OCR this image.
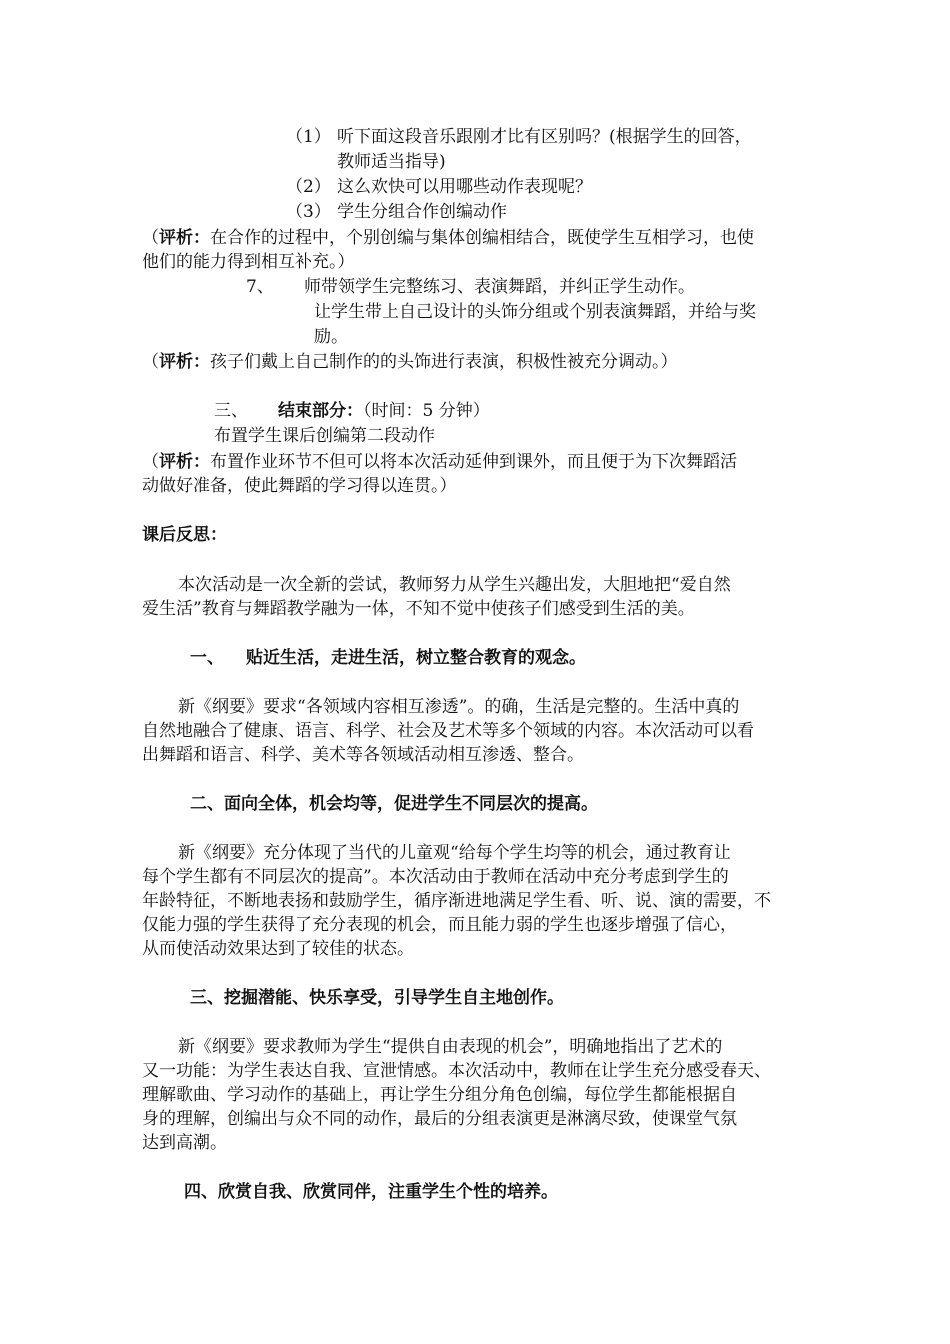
（1） 听下面这段音乐跟刚才比有区别吗？(根据学生的回答，
教师适当指导)
（2） 这么欢快可以用哪些动作表现呢？
（3） 学生分组合作创编动作
（评析：在合作的过程中，个别创编与集体创编相结合，既使学生互相学习，也使
他们的能力得到相互补充。）
7、 师带领学生完整练习、表演舞蹈，并纠正学生动作。
让学生带上自己设计的头饰分组或个别表演舞蹈，并给与奖
励。
（评析：孩子们戴上自己制作的的头饰进行表演，积极性被充分调动。）
三、 结束部分：（时间：5 分钟）
布置学生课后创编第二段动作
（评析：布置作业环节不但可以将本次活动延伸到课外，而且便于为下次舞蹈活
动做好准备，使此舞蹈的学习得以连贯。）
课后反思：
本次活动是一次全新的尝试，教师努力从学生兴趣出发，大胆地把“爱自然
爱生活”教育与舞蹈教学融为一体，不知不觉中使孩子们感受到生活的美。
一、 贴近生活，走进生活，树立整合教育的观念。
新《纲要》要求“各领域内容相互渗透”。的确，生活是完整的。生活中真的
自然地融合了健康、语言、科学、社会及艺术等多个领域的内容。本次活动可以看
出舞蹈和语言、科学、美术等各领域活动相互渗透、整合。
二、面向全体，机会均等，促进学生不同层次的提高。
新《纲要》充分体现了当代的儿童观“给每个学生均等的机会，通过教育让
每个学生都有不同层次的提高”。本次活动由于教师在活动中充分考虑到学生的
年龄特征，不断地表扬和鼓励学生，循序渐进地满足学生看、听、说、演的需要，不
仅能力强的学生获得了充分表现的机会，而且能力弱的学生也逐步增强了信心，
从而使活动效果达到了较佳的状态。
三、挖掘潜能、快乐享受，引导学生自主地创作。
新《纲要》要求教师为学生“提供自由表现的机会”，明确地指出了艺术的
又一功能：为学生表达自我、宣泄情感。本次活动中，教师在让学生充分感受春天、
理解歌曲、学习动作的基础上，再让学生分组分角色创编，每位学生都能根据自
身的理解，创编出与众不同的动作，最后的分组表演更是淋漓尽致，使课堂气氛
达到高潮。
四、欣赏自我、欣赏同伴，注重学生个性的培养。
